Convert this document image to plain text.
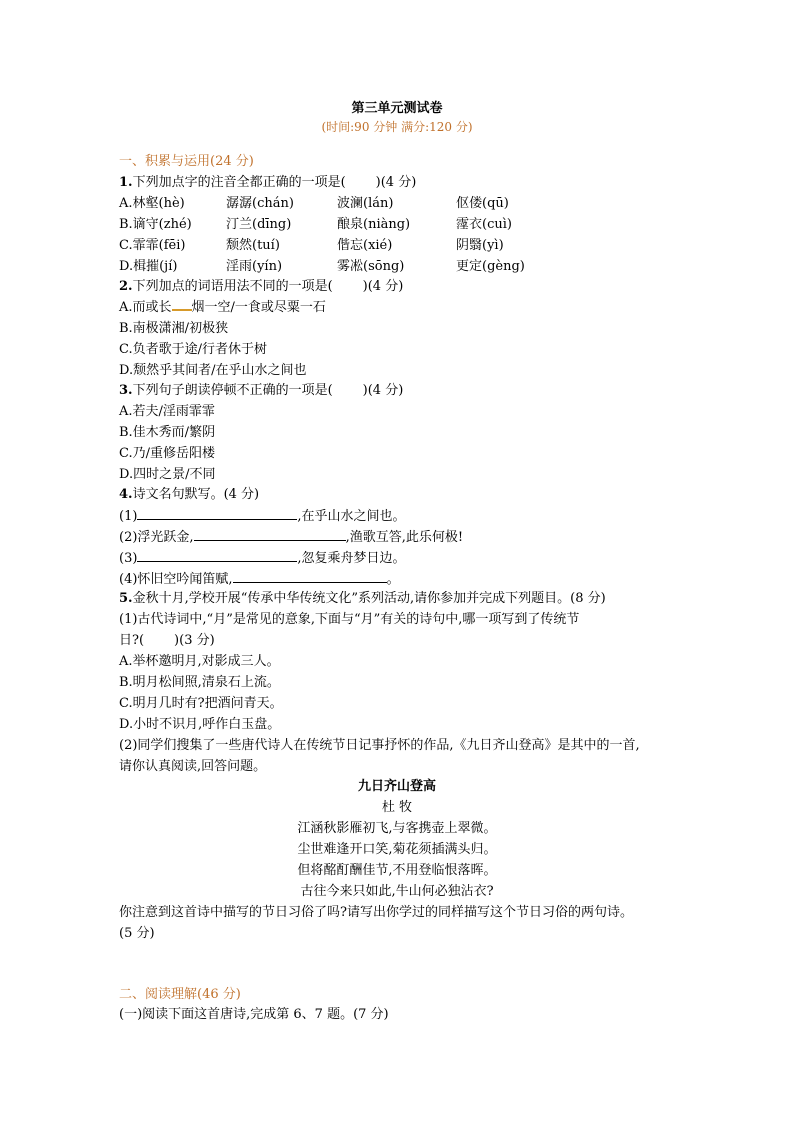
第三单元测试卷
(时间:90 分钟 满分:120 分)
一、积累与运用(24 分)
1.下列加点字的注音全都正确的一项是( )(4 分)
A.林壑(hè)	潺潺(chán)	波澜(lán)	伛偻(qū)
B.谪守(zhé)	汀兰(dīng)	酿泉(niàng)	霪衣(cuì)
C.霏霏(fēi)	颓然(tuí)	偕忘(xié)	阴翳(yì)
D.楫摧(jí)	淫雨(yín)	雾凇(sōng)	更定(gèng)
2.下列加点的词语用法不同的一项是( )(4 分)
A.而或长 烟一空/一食或尽粟一石
B.南极潇湘/初极狭
C.负者歌于途/行者休于树
D.颓然乎其间者/在乎山水之间也
3.下列句子朗读停顿不正确的一项是( )(4 分)
A.若夫/淫雨霏霏
B.佳木秀而/繁阴
C.乃/重修岳阳楼
D.四时之景/不同
4.诗文名句默写。(4 分)
(1)	,在乎山水之间也。
(2)浮光跃金,	,渔歌互答,此乐何极!
(3)	,忽复乘舟梦日边。
(4)怀旧空吟闻笛赋,	。
5.金秋十月,学校开展“传承中华传统文化”系列活动,请你参加并完成下列题目。(8 分)
(1)古代诗词中,“月”是常见的意象,下面与“月”有关的诗句中,哪一项写到了传统节
日?( )(3 分)
A.举杯邀明月,对影成三人。
B.明月松间照,清泉石上流。
C.明月几时有?把酒问青天。
D.小时不识月,呼作白玉盘。
(2)同学们搜集了一些唐代诗人在传统节日记事抒怀的作品,《九日齐山登高》是其中的一首,
请你认真阅读,回答问题。
九日齐山登高
杜 牧
江涵秋影雁初飞,与客携壶上翠微。
尘世难逢开口笑,菊花须插满头归。
但将酩酊酬佳节,不用登临恨落晖。
古往今来只如此,牛山何必独沾衣?
你注意到这首诗中描写的节日习俗了吗?请写出你学过的同样描写这个节日习俗的两句诗。
(5 分)
二、阅读理解(46 分)
(一)阅读下面这首唐诗,完成第 6、7 题。(7 分)
